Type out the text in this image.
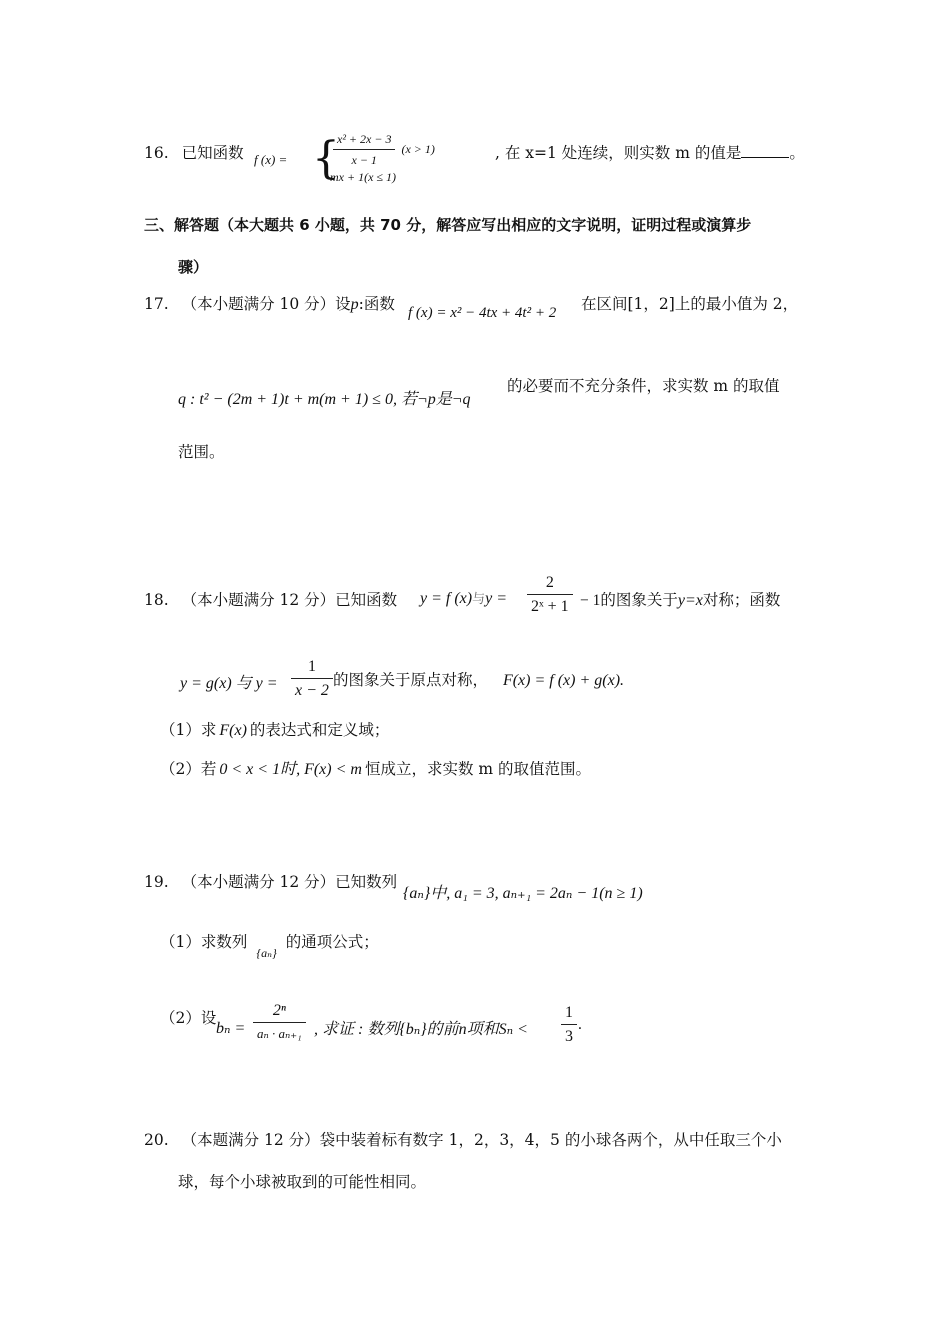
16. 已知函数 f (x) = {
$\frac{\text{x² + 2x − 3}}{x - 1} (x > 1)$
mx + 1(x ≤ 1)
, 在 x=1 处连续，则实数 m 的值是	。
三、解答题（本大题共 6 小题，共 70 分，解答应写出相应的文字说明，证明过程或演算步
骤）
17. （本小题满分 10 分）设p:函数 f (x) = x² − 4tx + 4t² + 2 在区间[1，2]上的最小值为 2，
q : t² − (2m + 1)t + m(m + 1) ≤ 0, 若¬p是¬q
的必要而不充分条件，求实数 m 的取值
范围。
18. （本小题满分 12 分）已知函数 y = f (x)与$y = \frac{2}{\text{2ˣ + 1}} - 1$的图象关于y=x对称；函数
y = g(x) 与 $y = \frac{1}{x - 2}$ 的图象关于原点对称， F(x) = f (x) + g(x).
（1）求 F(x) 的表达式和定义域；
（2）若 0 < x < 1时, F(x) < m 恒成立，求实数 m 的取值范围。
19. （本小题满分 12 分）已知数列
{aₙ}中, a₁ = 3, aₙ₊₁ = 2aₙ − 1(n ≥ 1)
（1）求数列 $_{\{a_n\}}$ 的通项公式；
（2）设
$b_n = \frac{\text{2ⁿ}}{\text{aₙ · aₙ₊₁}}$ , 求证 : 数列{bₙ}的前n项和$S_n < \frac{1}{3}$ .
20. （本题满分 12 分）袋中装着标有数字 1，2，3，4，5 的小球各两个，从中任取三个小
球，每个小球被取到的可能性相同。
